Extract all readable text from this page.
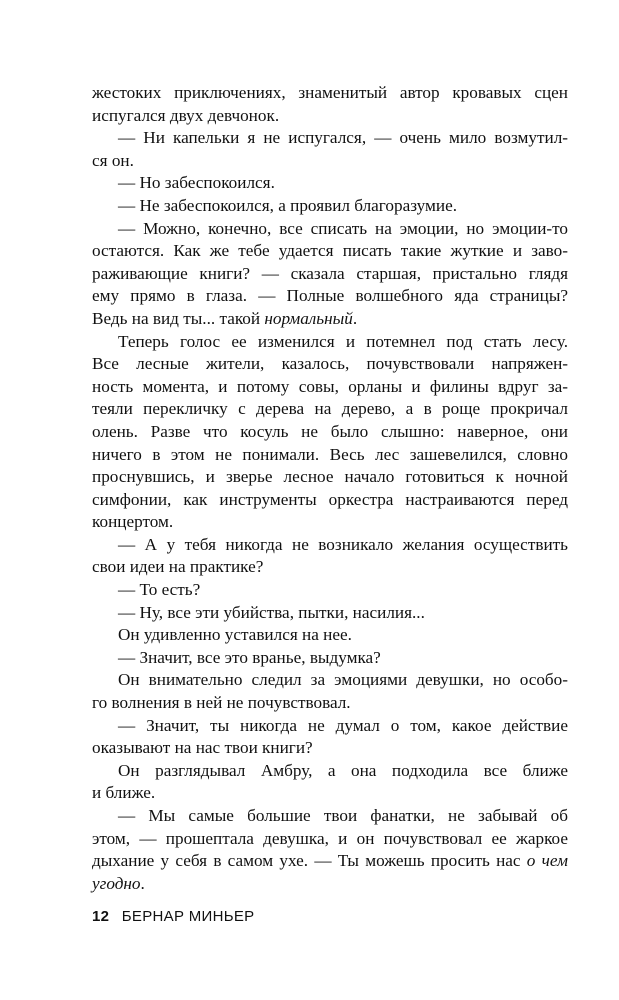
жестоких приключениях, знаменитый автор кровавых сцен
испугался двух девчонок.
— Ни капельки я не испугался, — очень мило возмутил-
ся он.
— Но забеспокоился.
— Не забеспокоился, а проявил благоразумие.
— Можно, конечно, все списать на эмоции, но эмоции-то
остаются. Как же тебе удается писать такие жуткие и заво-
раживающие книги? — сказала старшая, пристально глядя
ему прямо в глаза. — Полные волшебного яда страницы?
Ведь на вид ты... такой нормальный.
Теперь голос ее изменился и потемнел под стать лесу.
Все лесные жители, казалось, почувствовали напряжен-
ность момента, и потому совы, орланы и филины вдруг за-
теяли перекличку с дерева на дерево, а в роще прокричал
олень. Разве что косуль не было слышно: наверное, они
ничего в этом не понимали. Весь лес зашевелился, словно
проснувшись, и зверье лесное начало готовиться к ночной
симфонии, как инструменты оркестра настраиваются перед
концертом.
— А у тебя никогда не возникало желания осуществить
свои идеи на практике?
— То есть?
— Ну, все эти убийства, пытки, насилия...
Он удивленно уставился на нее.
— Значит, все это вранье, выдумка?
Он внимательно следил за эмоциями девушки, но особо-
го волнения в ней не почувствовал.
— Значит, ты никогда не думал о том, какое действие
оказывают на нас твои книги?
Он разглядывал Амбру, а она подходила все ближе
и ближе.
— Мы самые большие твои фанатки, не забывай об
этом, — прошептала девушка, и он почувствовал ее жаркое
дыхание у себя в самом ухе. — Ты можешь просить нас о чем
угодно.
12 БЕРНАР МИНЬЕР
